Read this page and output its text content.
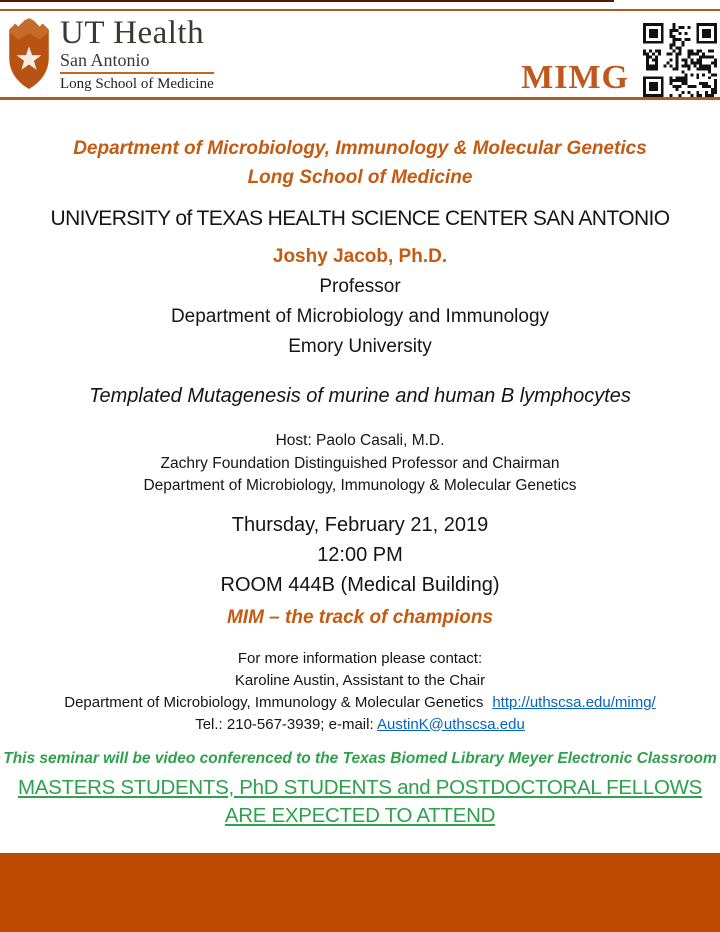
UT Health
San Antonio
Long School of Medicine	MIMG
Department of Microbiology, Immunology & Molecular Genetics
Long School of Medicine
UNIVERSITY of TEXAS HEALTH SCIENCE CENTER SAN ANTONIO
Joshy Jacob, Ph.D.
Professor
Department of Microbiology and Immunology
Emory University
Templated Mutagenesis of murine and human B lymphocytes
Host: Paolo Casali, M.D.
Zachry Foundation Distinguished Professor and Chairman
Department of Microbiology, Immunology & Molecular Genetics
Thursday, February 21, 2019
12:00 PM
ROOM 444B (Medical Building)
MIM – the track of champions
For more information please contact:
Karoline Austin, Assistant to the Chair
Department of Microbiology, Immunology & Molecular Genetics http://uthscsa.edu/mimg/
Tel.: 210-567-3939; e-mail: AustinK@uthscsa.edu
This seminar will be video conferenced to the Texas Biomed Library Meyer Electronic Classroom
MASTERS STUDENTS, PhD STUDENTS and POSTDOCTORAL FELLOWS ARE EXPECTED TO ATTEND
